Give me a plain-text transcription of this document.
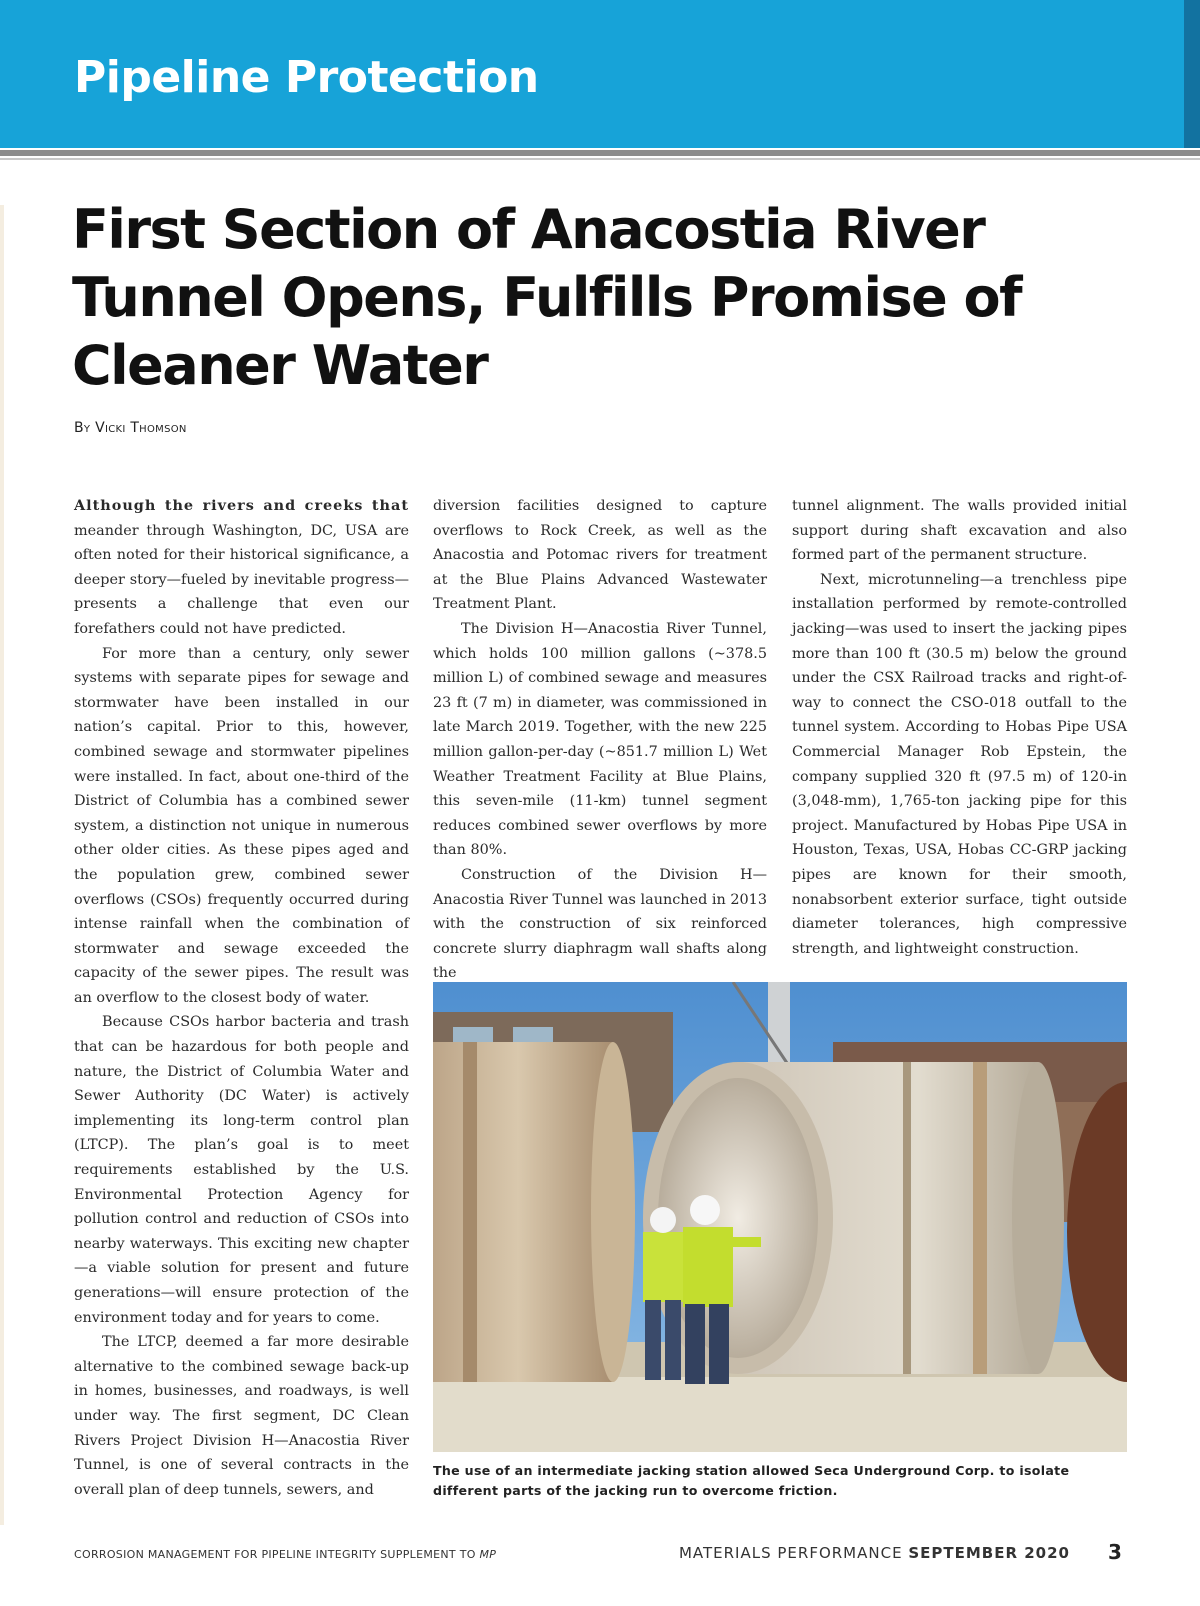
Pipeline Protection
First Section of Anacostia River Tunnel Opens, Fulfills Promise of Cleaner Water
By Vicki Thomson

Although the rivers and creeks that meander through Washington, DC, USA are often noted for their historical significance, a deeper story—fueled by inevitable progress—presents a challenge that even our forefathers could not have predicted.

For more than a century, only sewer systems with separate pipes for sewage and stormwater have been installed in our nation’s capital. Prior to this, however, combined sewage and stormwater pipelines were installed. In fact, about one-third of the District of Columbia has a combined sewer system, a distinction not unique in numerous other older cities. As these pipes aged and the population grew, combined sewer overflows (CSOs) frequently occurred during intense rainfall when the combination of stormwater and sewage exceeded the capacity of the sewer pipes. The result was an overflow to the closest body of water.

Because CSOs harbor bacteria and trash that can be hazardous for both people and nature, the District of Columbia Water and Sewer Authority (DC Water) is actively implementing its long-term control plan (LTCP). The plan’s goal is to meet requirements established by the U.S. Environmental Protection Agency for pollution control and reduction of CSOs into nearby waterways. This exciting new chapter—a viable solution for present and future generations—will ensure protection of the environment today and for years to come.

The LTCP, deemed a far more desirable alternative to the combined sewage back-up in homes, businesses, and roadways, is well under way. The first segment, DC Clean Rivers Project Division H—Anacostia River Tunnel, is one of several contracts in the overall plan of deep tunnels, sewers, and

diversion facilities designed to capture overflows to Rock Creek, as well as the Anacostia and Potomac rivers for treatment at the Blue Plains Advanced Wastewater Treatment Plant.

The Division H—Anacostia River Tunnel, which holds 100 million gallons (~378.5 million L) of combined sewage and measures 23 ft (7 m) in diameter, was commissioned in late March 2019. Together, with the new 225 million gallon-per-day (~851.7 million L) Wet Weather Treatment Facility at Blue Plains, this seven-mile (11-km) tunnel segment reduces combined sewer overflows by more than 80%.

Construction of the Division H—Anacostia River Tunnel was launched in 2013 with the construction of six reinforced concrete slurry diaphragm wall shafts along the

tunnel alignment. The walls provided initial support during shaft excavation and also formed part of the permanent structure.

Next, microtunneling—a trenchless pipe installation performed by remote-controlled jacking—was used to insert the jacking pipes more than 100 ft (30.5 m) below the ground under the CSX Railroad tracks and right-of-way to connect the CSO-018 outfall to the tunnel system. According to Hobas Pipe USA Commercial Manager Rob Epstein, the company supplied 320 ft (97.5 m) of 120-in (3,048-mm), 1,765-ton jacking pipe for this project. Manufactured by Hobas Pipe USA in Houston, Texas, USA, Hobas CC-GRP jacking pipes are known for their smooth, nonabsorbent exterior surface, tight outside diameter tolerances, high compressive strength, and lightweight construction.

The use of an intermediate jacking station allowed Seca Underground Corp. to isolate different parts of the jacking run to overcome friction.
CORROSION MANAGEMENT FOR PIPELINE INTEGRITY SUPPLEMENT TO MP	MATERIALS PERFORMANCE SEPTEMBER 2020 3
